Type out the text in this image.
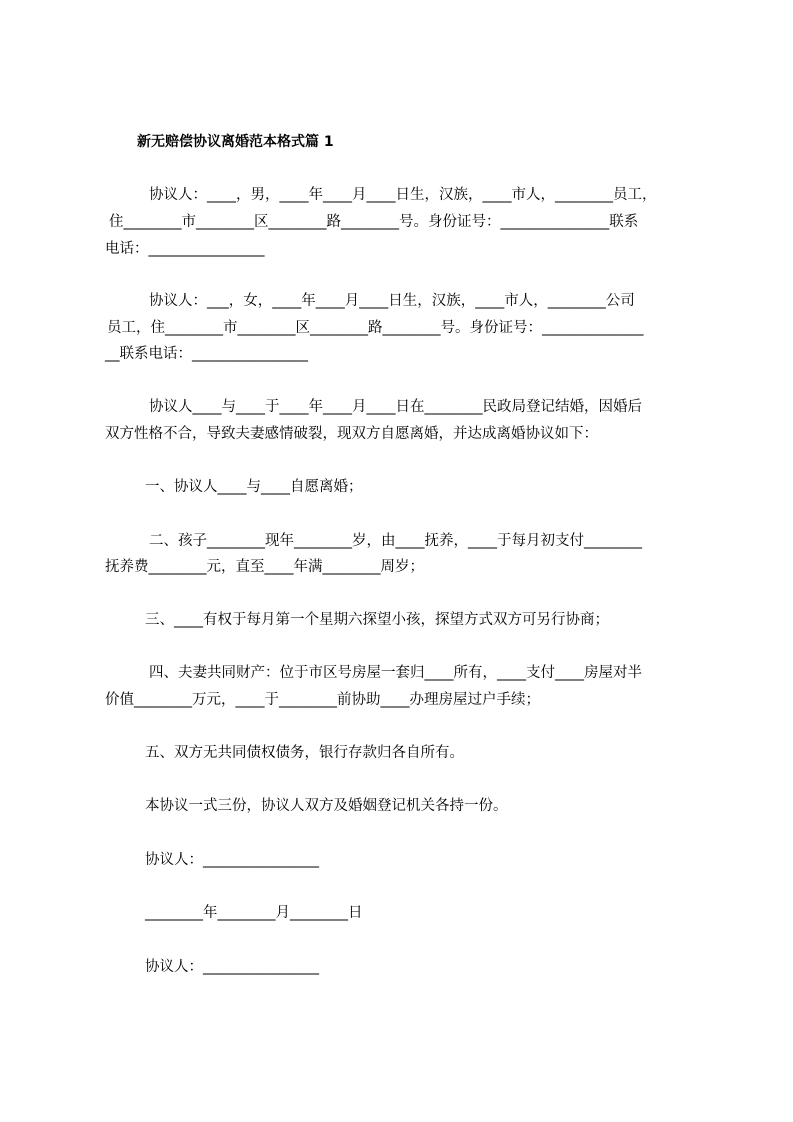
新无赔偿协议离婚范本格式篇 1
协议人：____，男，____年____月____日生，汉族，____市人，________员工，
住________市________区________路________号。身份证号：_______________联系
电话：________________
协议人：___，女，____年____月____日生，汉族，____市人，________公司
员工，住________市________区________路________号。身份证号：______________
__联系电话：________________
协议人____与____于____年____月____日在________民政局登记结婚，因婚后
双方性格不合，导致夫妻感情破裂，现双方自愿离婚，并达成离婚协议如下：
一、协议人____与____自愿离婚；
二、孩子________现年________岁，由____抚养，____于每月初支付________
抚养费________元，直至____年满________周岁；
三、____有权于每月第一个星期六探望小孩，探望方式双方可另行协商；
四、夫妻共同财产：位于市区号房屋一套归____所有，____支付____房屋对半
价值________万元，____于________前协助____办理房屋过户手续；
五、双方无共同债权债务，银行存款归各自所有。
本协议一式三份，协议人双方及婚姻登记机关各持一份。
协议人：________________
________年________月________日
协议人：________________
